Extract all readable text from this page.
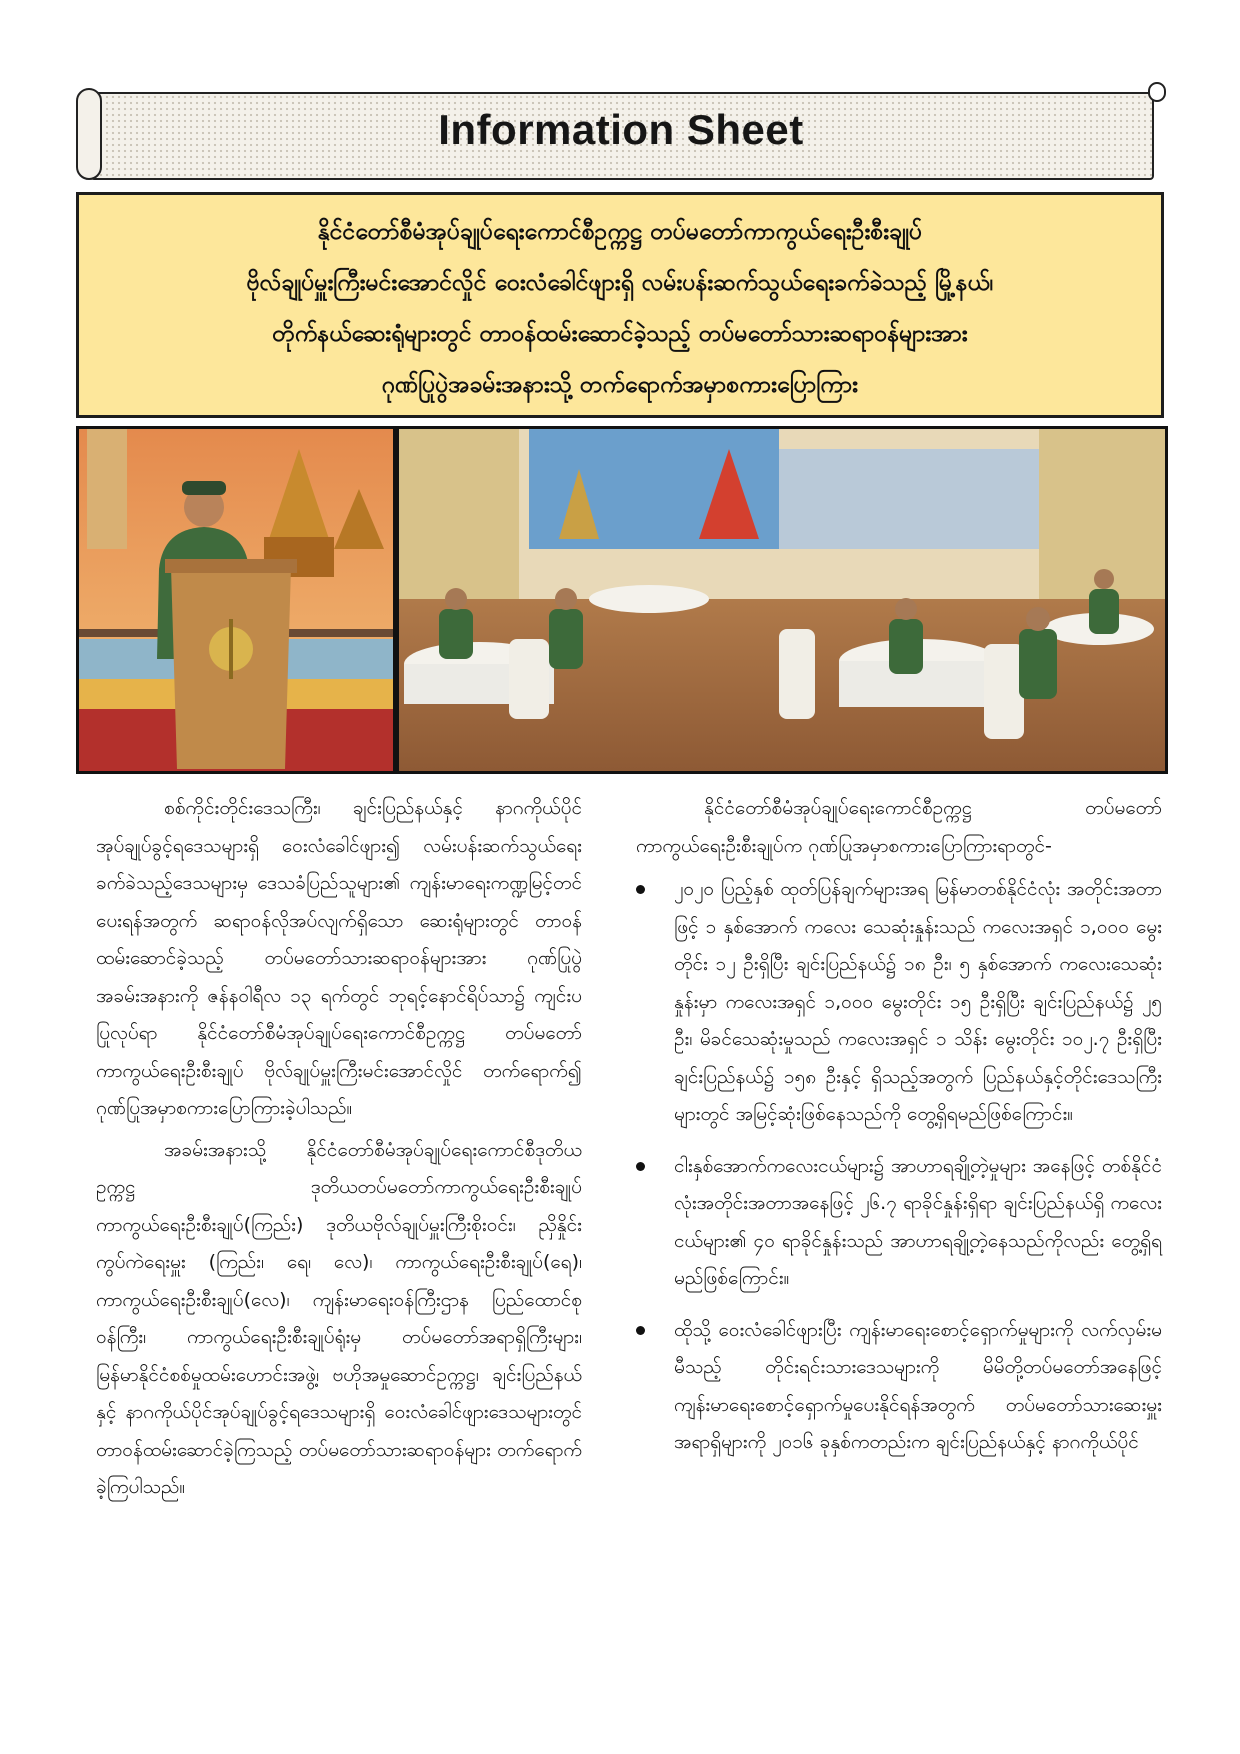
Information Sheet
နိုင်ငံတော်စီမံအုပ်ချုပ်ရေးကောင်စီဥက္ကဋ္ဌ တပ်မတော်ကာကွယ်ရေးဦးစီးချုပ်
ဗိုလ်ချုပ်မှူးကြီးမင်းအောင်လှိုင် ဝေးလံခေါင်ဖျားရှိ လမ်းပန်းဆက်သွယ်ရေးခက်ခဲသည့် မြို့နယ်၊
တိုက်နယ်ဆေးရုံများတွင် တာဝန်ထမ်းဆောင်ခဲ့သည့် တပ်မတော်သားဆရာဝန်များအား
ဂုဏ်ပြုပွဲအခမ်းအနားသို့ တက်ရောက်အမှာစကားပြောကြား

စစ်ကိုင်းတိုင်းဒေသကြီး၊ ချင်းပြည်နယ်နှင့် နာဂကိုယ်ပိုင်အုပ်ချုပ်ခွင့်ရဒေသများရှိ ဝေးလံခေါင်ဖျား၍ လမ်းပန်းဆက်သွယ်ရေးခက်ခဲသည့်ဒေသများမှ ဒေသခံပြည်သူများ၏ ကျန်းမာရေးကဏ္ဍမြင့်တင်ပေးရန်အတွက် ဆရာဝန်လိုအပ်လျက်ရှိသော ဆေးရုံများတွင် တာဝန်ထမ်းဆောင်ခဲ့သည့် တပ်မတော်သားဆရာဝန်များအား ဂုဏ်ပြုပွဲအခမ်းအနားကို ဇန်နဝါရီလ ၁၃ ရက်တွင် ဘုရင့်နောင်ရိပ်သာ၌ ကျင်းပပြုလုပ်ရာ နိုင်ငံတော်စီမံအုပ်ချုပ်ရေးကောင်စီဥက္ကဋ္ဌ တပ်မတော်ကာကွယ်ရေးဦးစီးချုပ် ဗိုလ်ချုပ်မှူးကြီးမင်းအောင်လှိုင် တက်ရောက်၍ ဂုဏ်ပြုအမှာစကားပြောကြားခဲ့ပါသည်။

အခမ်းအနားသို့ နိုင်ငံတော်စီမံအုပ်ချုပ်ရေးကောင်စီဒုတိယဥက္ကဋ္ဌ ဒုတိယတပ်မတော်ကာကွယ်ရေးဦးစီးချုပ် ကာကွယ်ရေးဦးစီးချုပ်(ကြည်း) ဒုတိယဗိုလ်ချုပ်မှူးကြီးစိုးဝင်း၊ ညှိနှိုင်းကွပ်ကဲရေးမှူး (ကြည်း၊ ရေ၊ လေ)၊ ကာကွယ်ရေးဦးစီးချုပ်(ရေ)၊ ကာကွယ်ရေးဦးစီးချုပ်(လေ)၊ ကျန်းမာရေးဝန်ကြီးဌာန ပြည်ထောင်စုဝန်ကြီး၊ ကာကွယ်ရေးဦးစီးချုပ်ရုံးမှ တပ်မတော်အရာရှိကြီးများ၊ မြန်မာနိုင်ငံစစ်မှုထမ်းဟောင်းအဖွဲ့၊ ဗဟိုအမှုဆောင်ဥက္ကဋ္ဌ၊ ချင်းပြည်နယ်နှင့် နာဂကိုယ်ပိုင်အုပ်ချုပ်ခွင့်ရဒေသများရှိ ဝေးလံခေါင်ဖျားဒေသများတွင် တာဝန်ထမ်းဆောင်ခဲ့ကြသည့် တပ်မတော်သားဆရာဝန်များ တက်ရောက်ခဲ့ကြပါသည်။

နိုင်ငံတော်စီမံအုပ်ချုပ်ရေးကောင်စီဥက္ကဋ္ဌ တပ်မတော်ကာကွယ်ရေးဦးစီးချုပ်က ဂုဏ်ပြုအမှာစကားပြောကြားရာတွင်-

၂၀၂၀ ပြည့်နှစ် ထုတ်ပြန်ချက်များအရ မြန်မာတစ်နိုင်ငံလုံး အတိုင်းအတာဖြင့် ၁ နှစ်အောက် ကလေး သေဆုံးနှုန်းသည် ကလေးအရှင် ၁,၀၀၀ မွေးတိုင်း ၁၂ ဦးရှိပြီး ချင်းပြည်နယ်၌ ၁၈ ဦး၊ ၅ နှစ်အောက် ကလေးသေဆုံးနှုန်းမှာ ကလေးအရှင် ၁,၀၀၀ မွေးတိုင်း ၁၅ ဦးရှိပြီး ချင်းပြည်နယ်၌ ၂၅ ဦး၊ မိခင်သေဆုံးမှုသည် ကလေးအရှင် ၁ သိန်း မွေးတိုင်း ၁၀၂.၇ ဦးရှိပြီး ချင်းပြည်နယ်၌ ၁၅၈ ဦးနှင့် ရှိသည့်အတွက် ပြည်နယ်နှင့်တိုင်းဒေသကြီးများတွင် အမြင့်ဆုံးဖြစ်နေသည်ကို တွေ့ရှိရမည်ဖြစ်ကြောင်း။
ငါးနှစ်အောက်ကလေးငယ်များ၌ အာဟာရချို့တဲ့မှုများ အနေဖြင့် တစ်နိုင်ငံလုံးအတိုင်းအတာအနေဖြင့် ၂၆.၇ ရာခိုင်နှုန်းရှိရာ ချင်းပြည်နယ်ရှိ ကလေးငယ်များ၏ ၄၀ ရာခိုင်နှုန်းသည် အာဟာရချို့တဲ့နေသည်ကိုလည်း တွေ့ရှိရမည်ဖြစ်ကြောင်း။
ထိုသို့ ဝေးလံခေါင်ဖျားပြီး ကျန်းမာရေးစောင့်ရှောက်မှုများကို လက်လှမ်းမမီသည့် တိုင်းရင်းသားဒေသများကို မိမိတို့တပ်မတော်အနေဖြင့် ကျန်းမာရေးစောင့်ရှောက်မှုပေးနိုင်ရန်အတွက် တပ်မတော်သားဆေးမှူးအရာရှိများကို ၂၀၁၆ ခုနှစ်ကတည်းက ချင်းပြည်နယ်နှင့် နာဂကိုယ်ပိုင်
